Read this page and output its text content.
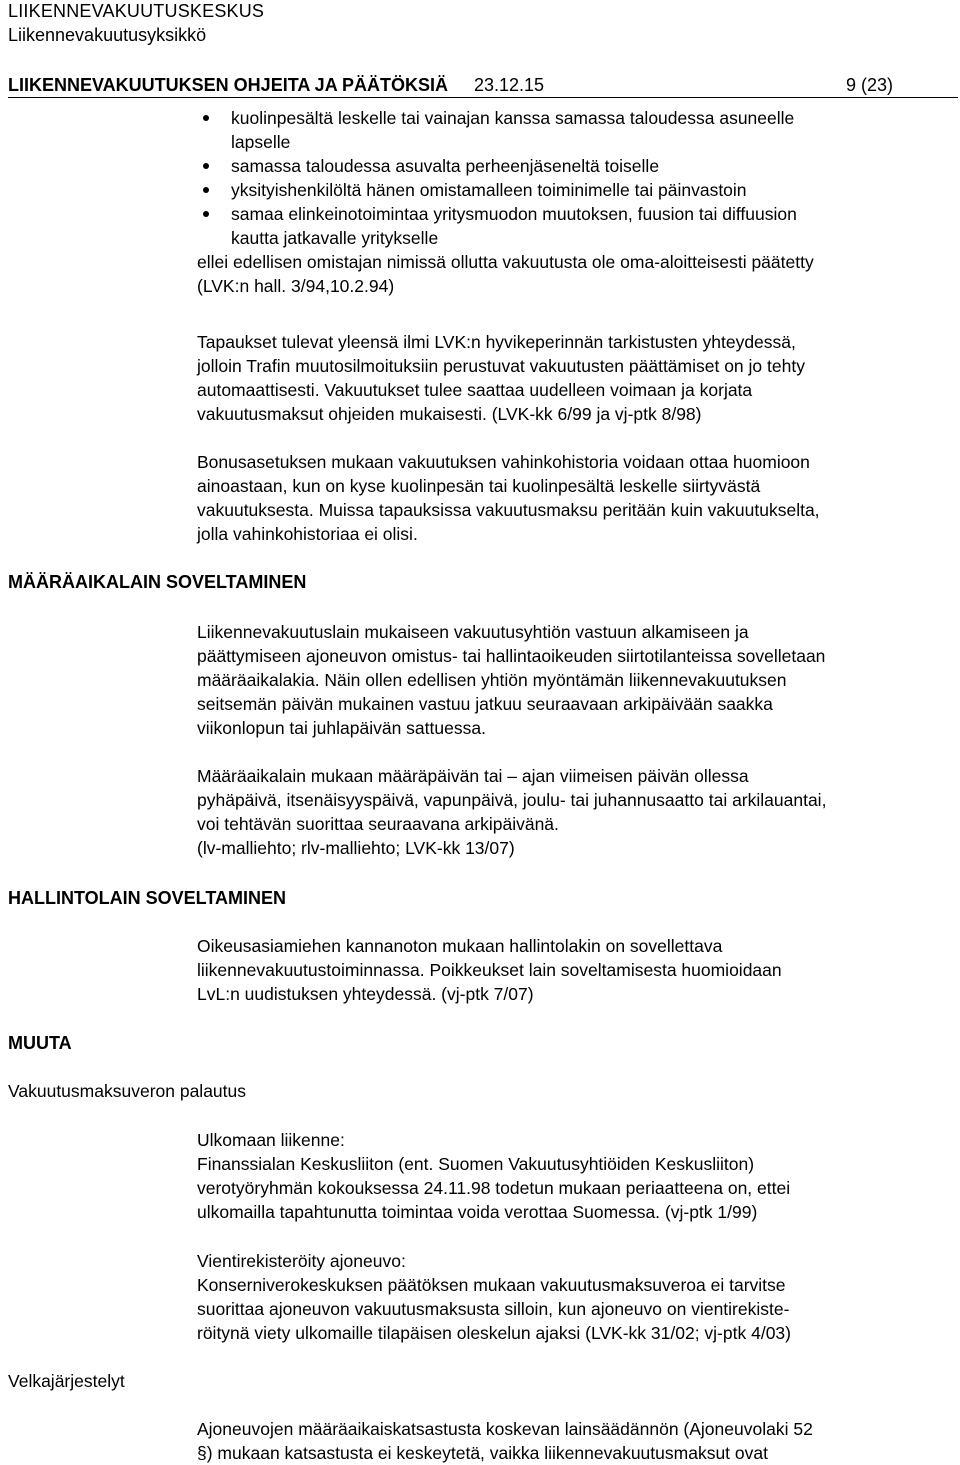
LIIKENNEVAKUUTUSKESKUS
Liikennevakuutusyksikkö
LIIKENNEVAKUUTUKSEN OHJEITA JA PÄÄTÖKSIÄ 23.12.15	9 (23)
kuolinpesältä leskelle tai vainajan kanssa samassa taloudessa asuneelle
lapselle
samassa taloudessa asuvalta perheenjäseneltä toiselle
yksityishenkilöltä hänen omistamalleen toiminimelle tai päinvastoin
samaa elinkeinotoimintaa yritysmuodon muutoksen, fuusion tai diffuusion
kautta jatkavalle yritykselle
ellei edellisen omistajan nimissä ollutta vakuutusta ole oma-aloitteisesti päätetty
(LVK:n hall. 3/94,10.2.94)
Tapaukset tulevat yleensä ilmi LVK:n hyvikeperinnän tarkistusten yhteydessä,
jolloin Trafin muutosilmoituksiin perustuvat vakuutusten päättämiset on jo tehty
automaattisesti. Vakuutukset tulee saattaa uudelleen voimaan ja korjata
vakuutusmaksut ohjeiden mukaisesti. (LVK-kk 6/99 ja vj-ptk 8/98)
Bonusasetuksen mukaan vakuutuksen vahinkohistoria voidaan ottaa huomioon
ainoastaan, kun on kyse kuolinpesän tai kuolinpesältä leskelle siirtyvästä
vakuutuksesta. Muissa tapauksissa vakuutusmaksu peritään kuin vakuutukselta,
jolla vahinkohistoriaa ei olisi.
MÄÄRÄAIKALAIN SOVELTAMINEN
Liikennevakuutuslain mukaiseen vakuutusyhtiön vastuun alkamiseen ja
päättymiseen ajoneuvon omistus- tai hallintaoikeuden siirtotilanteissa sovelletaan
määräaikalakia. Näin ollen edellisen yhtiön myöntämän liikennevakuutuksen
seitsemän päivän mukainen vastuu jatkuu seuraavaan arkipäivään saakka
viikonlopun tai juhlapäivän sattuessa.
Määräaikalain mukaan määräpäivän tai – ajan viimeisen päivän ollessa
pyhäpäivä, itsenäisyyspäivä, vapunpäivä, joulu- tai juhannusaatto tai arkilauantai,
voi tehtävän suorittaa seuraavana arkipäivänä.
(lv-malliehto; rlv-malliehto; LVK-kk 13/07)
HALLINTOLAIN SOVELTAMINEN
Oikeusasiamiehen kannanoton mukaan hallintolakin on sovellettava
liikennevakuutustoiminnassa. Poikkeukset lain soveltamisesta huomioidaan
LvL:n uudistuksen yhteydessä. (vj-ptk 7/07)
MUUTA
Vakuutusmaksuveron palautus
Ulkomaan liikenne:
Finanssialan Keskusliiton (ent. Suomen Vakuutusyhtiöiden Keskusliiton)
verotyöryhmän kokouksessa 24.11.98 todetun mukaan periaatteena on, ettei
ulkomailla tapahtunutta toimintaa voida verottaa Suomessa. (vj-ptk 1/99)
Vientirekisteröity ajoneuvo:
Konserniverokeskuksen päätöksen mukaan vakuutusmaksuveroa ei tarvitse
suorittaa ajoneuvon vakuutusmaksusta silloin, kun ajoneuvo on vientirekiste-
röitynä viety ulkomaille tilapäisen oleskelun ajaksi (LVK-kk 31/02; vj-ptk 4/03)
Velkajärjestelyt
Ajoneuvojen määräaikaiskatsastusta koskevan lainsäädännön (Ajoneuvolaki 52
§) mukaan katsastusta ei keskeytetä, vaikka liikennevakuutusmaksut ovat
